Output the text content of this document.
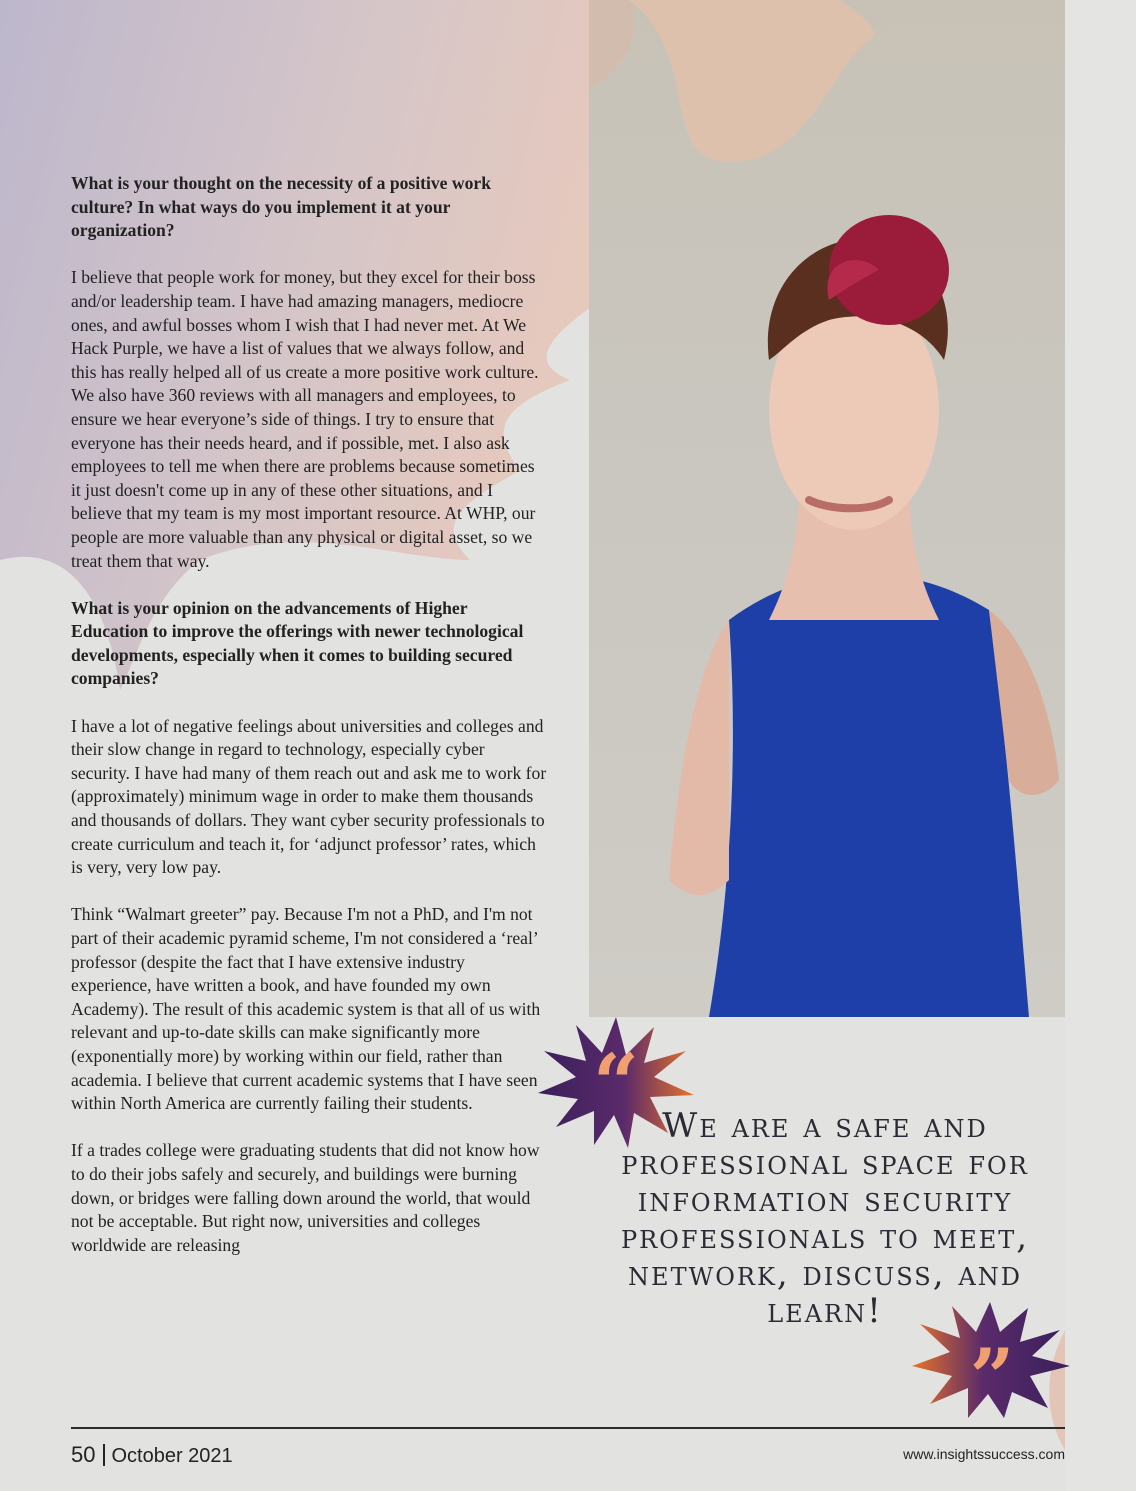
What is your thought on the necessity of a positive work culture? In what ways do you implement it at your organization?

I believe that people work for money, but they excel for their boss and/or leadership team. I have had amazing managers, mediocre ones, and awful bosses whom I wish that I had never met. At We Hack Purple, we have a list of values that we always follow, and this has really helped all of us create a more positive work culture. We also have 360 reviews with all managers and employees, to ensure we hear everyone’s side of things. I try to ensure that everyone has their needs heard, and if possible, met. I also ask employees to tell me when there are problems because sometimes it just doesn't come up in any of these other situations, and I believe that my team is my most important resource. At WHP, our people are more valuable than any physical or digital asset, so we treat them that way.

What is your opinion on the advancements of Higher Education to improve the offerings with newer technological developments, especially when it comes to building secured companies?

I have a lot of negative feelings about universities and colleges and their slow change in regard to technology, especially cyber security. I have had many of them reach out and ask me to work for (approximately) minimum wage in order to make them thousands and thousands of dollars. They want cyber security professionals to create curriculum and teach it, for ‘adjunct professor’ rates, which is very, very low pay.

Think “Walmart greeter” pay. Because I'm not a PhD, and I'm not part of their academic pyramid scheme, I'm not considered a ‘real’ professor (despite the fact that I have extensive industry experience, have written a book, and have founded my own Academy). The result of this academic system is that all of us with relevant and up-to-date skills can make significantly more (exponentially more) by working within our field, rather than academia. I believe that current academic systems that I have seen within North America are currently failing their students.

If a trades college were graduating students that did not know how to do their jobs safely and securely, and buildings were burning down, or bridges were falling down around the world, that would not be acceptable. But right now, universities and colleges worldwide are releasing

“
”
We are a safe and professional space for information security professionals to meet, network, discuss, and learn!
50 October 2021	www.insightssuccess.com
